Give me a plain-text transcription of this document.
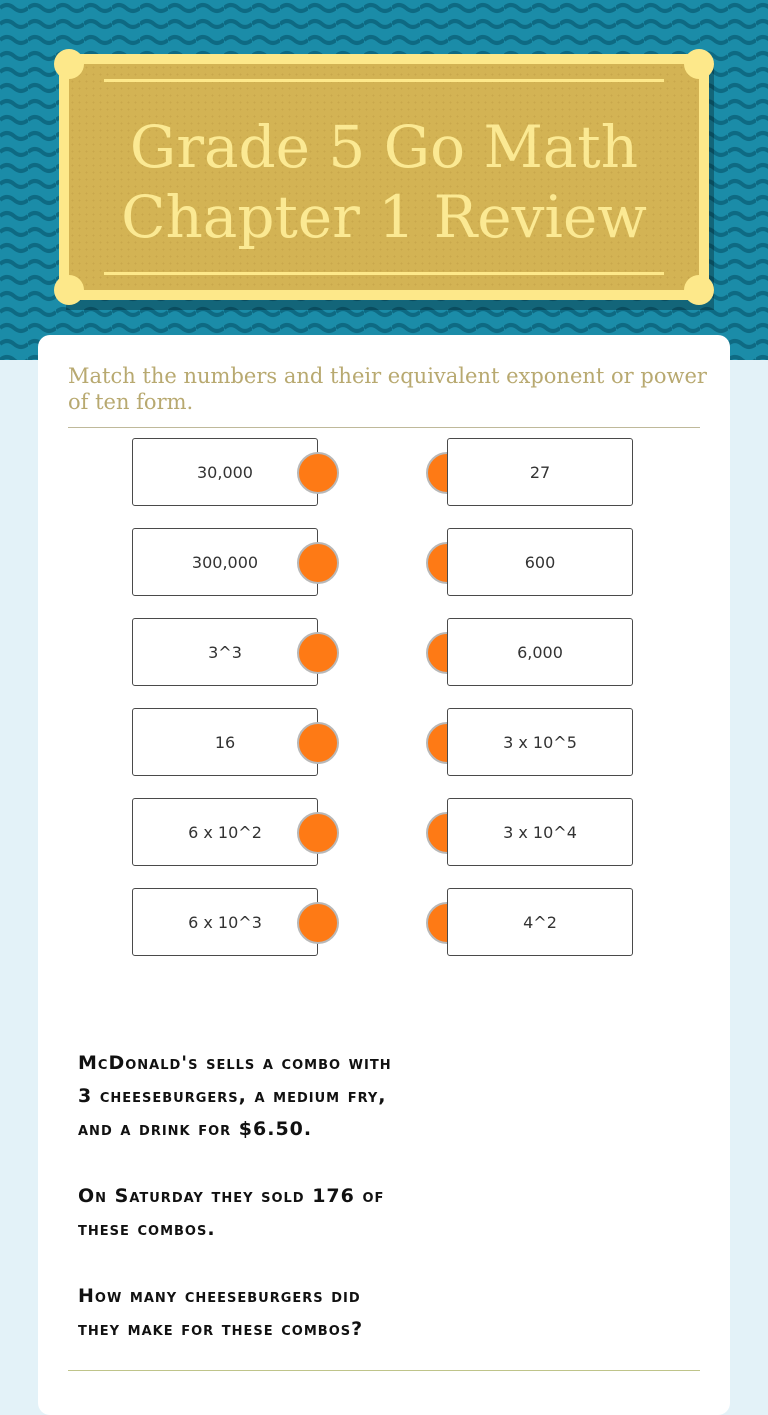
Grade 5 Go Math
Chapter 1 Review
Match the numbers and their equivalent exponent or power of ten form.
30,000	27
300,000	600
3^3	6,000
16	3 x 10^5
6 x 10^2	3 x 10^4
6 x 10^3	4^2

McDonald's sells a combo with 3 cheeseburgers, a medium fry, and a drink for $6.50.

On Saturday they sold 176 of these combos.

How many cheeseburgers did they make for these combos?
